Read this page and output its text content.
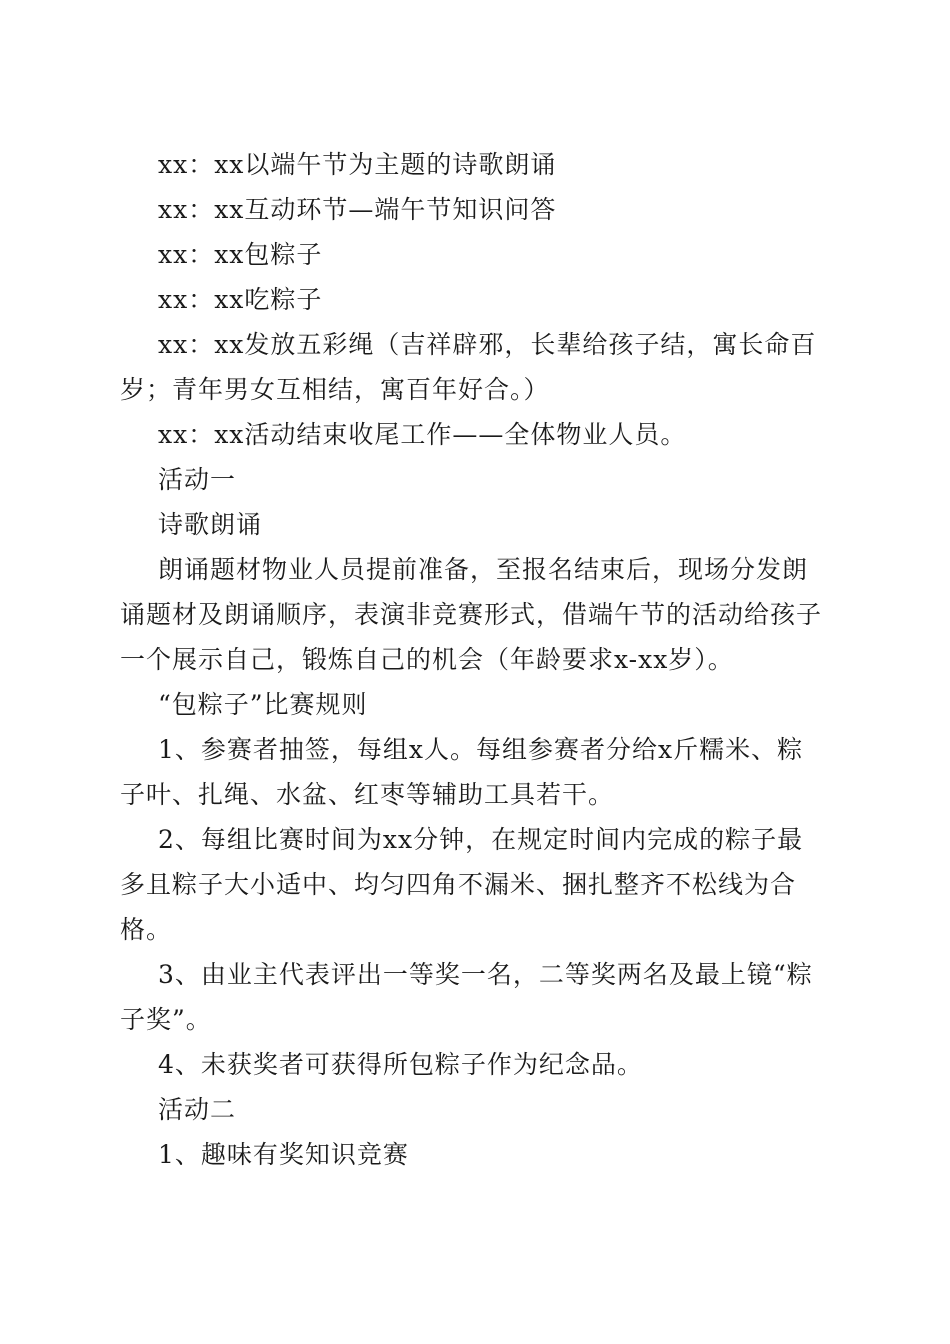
xx：xx以端午节为主题的诗歌朗诵

xx：xx互动环节—端午节知识问答

xx：xx包粽子

xx：xx吃粽子

xx：xx发放五彩绳（吉祥辟邪，长辈给孩子结，寓长命百岁；青年男女互相结，寓百年好合。）

xx：xx活动结束收尾工作——全体物业人员。

活动一

诗歌朗诵

朗诵题材物业人员提前准备，至报名结束后，现场分发朗诵题材及朗诵顺序，表演非竞赛形式，借端午节的活动给孩子一个展示自己，锻炼自己的机会（年龄要求x-xx岁）。

“包粽子”比赛规则

1、参赛者抽签，每组x人。每组参赛者分给x斤糯米、粽子叶、扎绳、水盆、红枣等辅助工具若干。

2、每组比赛时间为xx分钟，在规定时间内完成的粽子最多且粽子大小适中、均匀四角不漏米、捆扎整齐不松线为合格。

3、由业主代表评出一等奖一名，二等奖两名及最上镜“粽子奖”。

4、未获奖者可获得所包粽子作为纪念品。

活动二

1、趣味有奖知识竞赛
